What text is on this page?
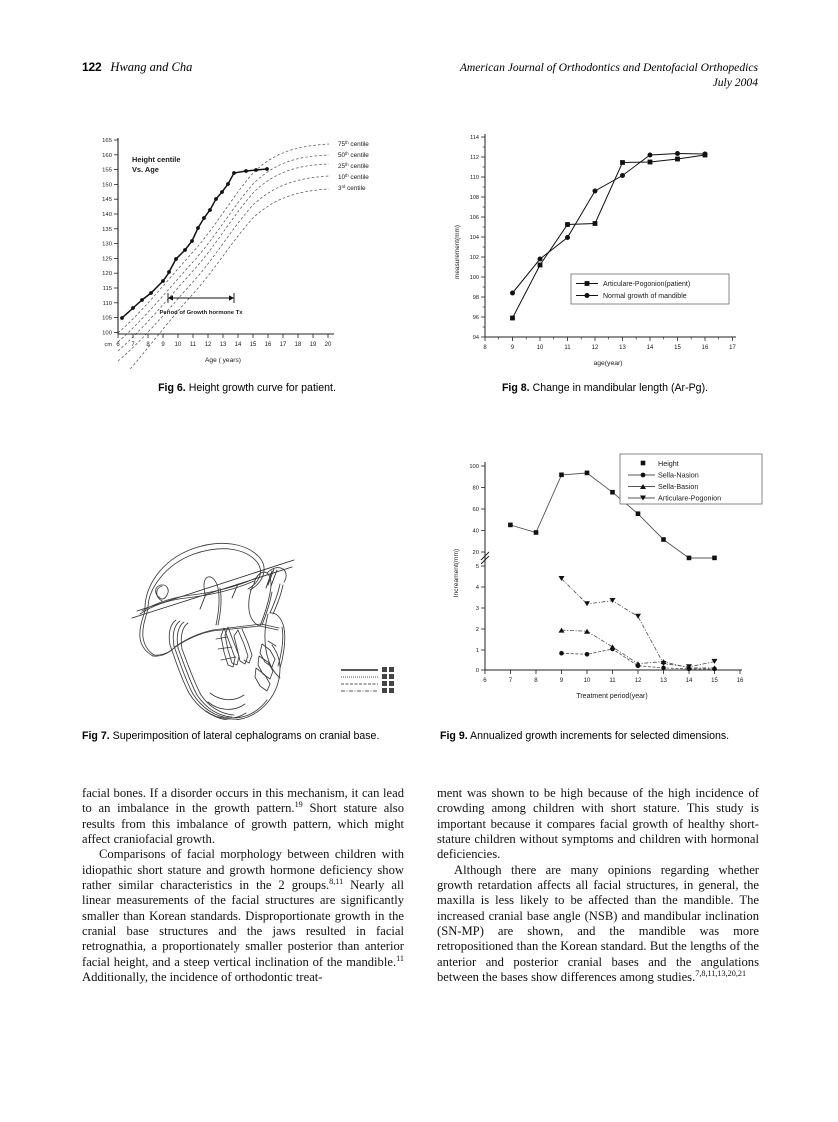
122 Hwang and Cha	American Journal of Orthodontics and Dentofacial Orthopedics
July 2004
165
160
155
150
145
140
135
130
125
120
115
110
105
100
cm 6 7 8 9 10 11 12 13 14 15 16 17 18 19 20
Age ( years)
Height centile
Vs. Age
Period of Growth hormone Tx
75th centile
50th centile
25th centile
10th centile
3rd centile
Fig 6. Height growth curve for patient.
114
112
110
108
106
104
102
100
98
96
94
measurement(mm)
8	9	10	11	12	13	14	15	16	17
age(year)
Articulare-Pogonion(patient)
Normal growth of mandible
Fig 8. Change in mandibular length (Ar-Pg).
Fig 7. Superimposition of lateral cephalograms on cranial base.
100
80
60
40
20
5
4
3
2
1
0
Increament(mm)
6	7	8	9	10	11	12	13	14	15	16
Treatment period(year)
Height
Sella-Nasion
Sella-Basion
Articulare-Pogonion
Fig 9. Annualized growth increments for selected dimensions.

facial bones. If a disorder occurs in this mechanism, it can lead to an imbalance in the growth pattern.$^{19}$ Short stature also results from this imbalance of growth pattern, which might affect craniofacial growth.

Comparisons of facial morphology between children with idiopathic short stature and growth hormone deficiency show rather similar characteristics in the 2 groups.$^{8,11}$ Nearly all linear measurements of the facial structures are significantly smaller than Korean standards. Disproportionate growth in the cranial base structures and the jaws resulted in facial retrognathia, a proportionately smaller posterior than anterior facial height, and a steep vertical inclination of the mandible.$^{11}$ Additionally, the incidence of orthodontic treat-

ment was shown to be high because of the high incidence of crowding among children with short stature. This study is important because it compares facial growth of healthy short-stature children without symptoms and children with hormonal deficiencies.

Although there are many opinions regarding whether growth retardation affects all facial structures, in general, the maxilla is less likely to be affected than the mandible. The increased cranial base angle (NSB) and mandibular inclination (SN-MP) are shown, and the mandible was more retropositioned than the Korean standard. But the lengths of the anterior and posterior cranial bases and the angulations between the bases show differences among studies.$^{7,8,11,13,20,21}$
